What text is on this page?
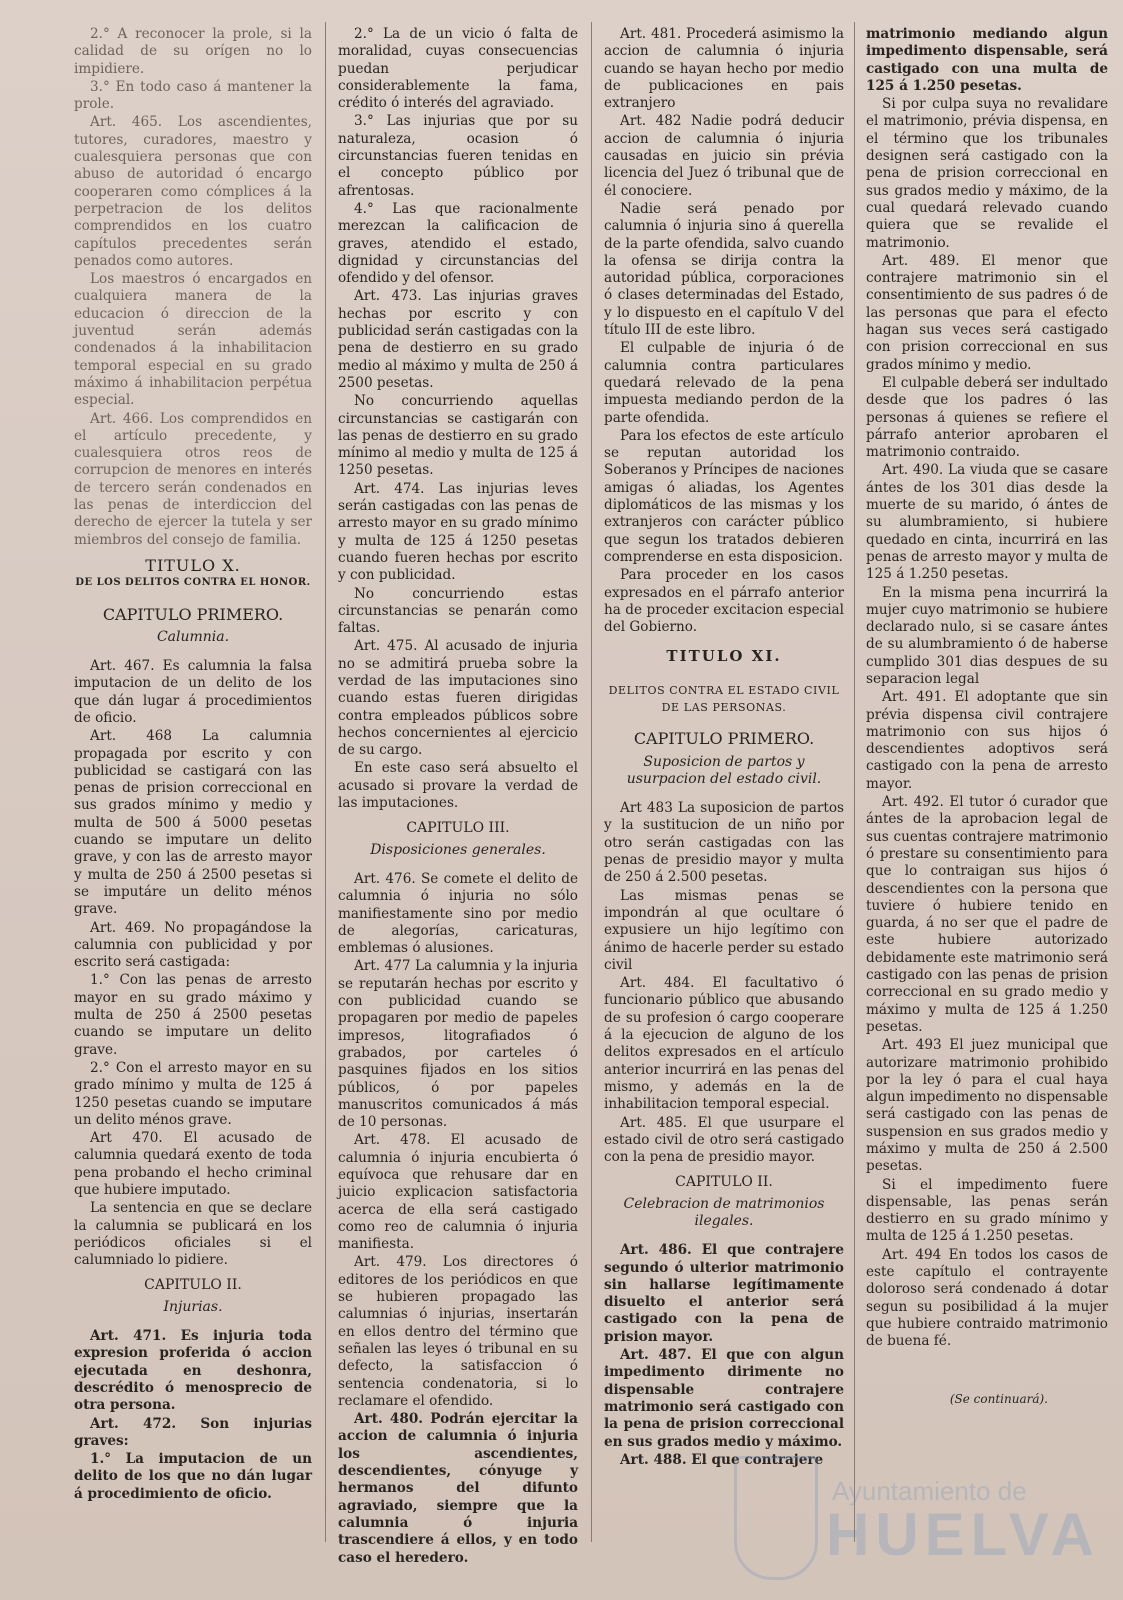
2.° A reconocer la prole, si la calidad de su orígen no lo impidiere.

3.° En todo caso á mantener la prole.

Art. 465. Los ascendientes, tutores, curadores, maestro y cualesquiera personas que con abuso de autoridad ó encargo cooperaren como cómplices á la perpetracion de los delitos comprendidos en los cuatro capítulos precedentes serán penados como autores.

Los maestros ó encargados en cualquiera manera de la educacion ó direccion de la juventud serán además condenados á la inhabilitacion temporal especial en su grado máximo á inhabilitacion perpétua especial.

Art. 466. Los comprendidos en el artículo precedente, y cualesquiera otros reos de corrupcion de menores en interés de tercero serán condenados en las penas de interdiccion del derecho de ejercer la tutela y ser miembros del consejo de familia.

TITULO X.
DE LOS DELITOS CONTRA EL HONOR.
CAPITULO PRIMERO.
Calumnia.

Art. 467. Es calumnia la falsa imputacion de un delito de los que dán lugar á procedimientos de oficio.

Art. 468 La calumnia propagada por escrito y con publicidad se castigará con las penas de prision correccional en sus grados mínimo y medio y multa de 500 á 5000 pesetas cuando se imputare un delito grave, y con las de arresto mayor y multa de 250 á 2500 pesetas si se imputáre un delito ménos grave.

Art. 469. No propagándose la calumnia con publicidad y por escrito será castigada:

1.° Con las penas de arresto mayor en su grado máximo y multa de 250 á 2500 pesetas cuando se imputare un delito grave.

2.° Con el arresto mayor en su grado mínimo y multa de 125 á 1250 pesetas cuando se imputare un delito ménos grave.

Art 470. El acusado de calumnia quedará exento de toda pena probando el hecho criminal que hubiere imputado.

La sentencia en que se declare la calumnia se publicará en los periódicos oficiales si el calumniado lo pidiere.

CAPITULO II.
Injurias.

Art. 471. Es injuria toda expresion proferida ó accion ejecutada en deshonra, descrédito ó menosprecio de otra persona.

Art. 472. Son injurias graves:

1.° La imputacion de un delito de los que no dán lugar á procedimiento de oficio.

2.° La de un vicio ó falta de moralidad, cuyas consecuencias puedan perjudicar considerablemente la fama, crédito ó interés del agraviado.

3.° Las injurias que por su naturaleza, ocasion ó circunstancias fueren tenidas en el concepto público por afrentosas.

4.° Las que racionalmente merezcan la calificacion de graves, atendido el estado, dignidad y circunstancias del ofendido y del ofensor.

Art. 473. Las injurias graves hechas por escrito y con publicidad serán castigadas con la pena de destierro en su grado medio al máximo y multa de 250 á 2500 pesetas.

No concurriendo aquellas circunstancias se castigarán con las penas de destierro en su grado mínimo al medio y multa de 125 á 1250 pesetas.

Art. 474. Las injurias leves serán castigadas con las penas de arresto mayor en su grado mínimo y multa de 125 á 1250 pesetas cuando fueren hechas por escrito y con publicidad.

No concurriendo estas circunstancias se penarán como faltas.

Art. 475. Al acusado de injuria no se admitirá prueba sobre la verdad de las imputaciones sino cuando estas fueren dirigidas contra empleados públicos sobre hechos concernientes al ejercicio de su cargo.

En este caso será absuelto el acusado si provare la verdad de las imputaciones.

CAPITULO III.
Disposiciones generales.

Art. 476. Se comete el delito de calumnia ó injuria no sólo manifiestamente sino por medio de alegorías, caricaturas, emblemas ó alusiones.

Art. 477 La calumnia y la injuria se reputarán hechas por escrito y con publicidad cuando se propagaren por medio de papeles impresos, litografiados ó grabados, por carteles ó pasquines fijados en los sitios públicos, ó por papeles manuscritos comunicados á más de 10 personas.

Art. 478. El acusado de calumnia ó injuria encubierta ó equívoca que rehusare dar en juicio explicacion satisfactoria acerca de ella será castigado como reo de calumnia ó injuria manifiesta.

Art. 479. Los directores ó editores de los periódicos en que se hubieren propagado las calumnias ó injurias, insertarán en ellos dentro del término que señalen las leyes ó tribunal en su defecto, la satisfaccion ó sentencia condenatoria, si lo reclamare el ofendido.

Art. 480. Podrán ejercitar la accion de calumnia ó injuria los ascendientes, descendientes, cónyuge y hermanos del difunto agraviado, siempre que la calumnia ó injuria trascendiere á ellos, y en todo caso el heredero.

Art. 481. Procederá asimismo la accion de calumnia ó injuria cuando se hayan hecho por medio de publicaciones en pais extranjero

Art. 482 Nadie podrá deducir accion de calumnia ó injuria causadas en juicio sin prévia licencia del Juez ó tribunal que de él conociere.

Nadie será penado por calumnia ó injuria sino á querella de la parte ofendida, salvo cuando la ofensa se dirija contra la autoridad pública, corporaciones ó clases determinadas del Estado, y lo dispuesto en el capítulo V del título III de este libro.

El culpable de injuria ó de calumnia contra particulares quedará relevado de la pena impuesta mediando perdon de la parte ofendida.

Para los efectos de este artículo se reputan autoridad los Soberanos y Príncipes de naciones amigas ó aliadas, los Agentes diplomáticos de las mismas y los extranjeros con carácter público que segun los tratados debieren comprenderse en esta disposicion.

Para proceder en los casos expresados en el párrafo anterior ha de proceder excitacion especial del Gobierno.

TITULO XI.
DELITOS CONTRA EL ESTADO CIVIL DE LAS PERSONAS.
CAPITULO PRIMERO.
Suposicion de partos y usurpacion del estado civil.

Art 483 La suposicion de partos y la sustitucion de un niño por otro serán castigadas con las penas de presidio mayor y multa de 250 á 2.500 pesetas.

Las mismas penas se impondrán al que ocultare ó expusiere un hijo legítimo con ánimo de hacerle perder su estado civil

Art. 484. El facultativo ó funcionario público que abusando de su profesion ó cargo cooperare á la ejecucion de alguno de los delitos expresados en el artículo anterior incurrirá en las penas del mismo, y además en la de inhabilitacion temporal especial.

Art. 485. El que usurpare el estado civil de otro será castigado con la pena de presidio mayor.

CAPITULO II.
Celebracion de matrimonios ilegales.

Art. 486. El que contrajere segundo ó ulterior matrimonio sin hallarse legítimamente disuelto el anterior será castigado con la pena de prision mayor.

Art. 487. El que con algun impedimento dirimente no dispensable contrajere matrimonio será castigado con la pena de prision correccional en sus grados medio y máximo.

Art. 488. El que contrajere

matrimonio mediando algun impedimento dispensable, será castigado con una multa de 125 á 1.250 pesetas.

Si por culpa suya no revalidare el matrimonio, prévia dispensa, en el término que los tribunales designen será castigado con la pena de prision correccional en sus grados medio y máximo, de la cual quedará relevado cuando quiera que se revalide el matrimonio.

Art. 489. El menor que contrajere matrimonio sin el consentimiento de sus padres ó de las personas que para el efecto hagan sus veces será castigado con prision correccional en sus grados mínimo y medio.

El culpable deberá ser indultado desde que los padres ó las personas á quienes se refiere el párrafo anterior aprobaren el matrimonio contraido.

Art. 490. La viuda que se casare ántes de los 301 dias desde la muerte de su marido, ó ántes de su alumbramiento, si hubiere quedado en cinta, incurrirá en las penas de arresto mayor y multa de 125 á 1.250 pesetas.

En la misma pena incurrirá la mujer cuyo matrimonio se hubiere declarado nulo, si se casare ántes de su alumbramiento ó de haberse cumplido 301 dias despues de su separacion legal

Art. 491. El adoptante que sin prévia dispensa civil contrajere matrimonio con sus hijos ó descendientes adoptivos será castigado con la pena de arresto mayor.

Art. 492. El tutor ó curador que ántes de la aprobacion legal de sus cuentas contrajere matrimonio ó prestare su consentimiento para que lo contraigan sus hijos ó descendientes con la persona que tuviere ó hubiere tenido en guarda, á no ser que el padre de este hubiere autorizado debidamente este matrimonio será castigado con las penas de prision correccional en su grado medio y máximo y multa de 125 á 1.250 pesetas.

Art. 493 El juez municipal que autorizare matrimonio prohibido por la ley ó para el cual haya algun impedimento no dispensable será castigado con las penas de suspension en sus grados medio y máximo y multa de 250 á 2.500 pesetas.

Si el impedimento fuere dispensable, las penas serán destierro en su grado mínimo y multa de 125 á 1.250 pesetas.

Art. 494 En todos los casos de este capítulo el contrayente doloroso será condenado á dotar segun su posibilidad á la mujer que hubiere contraido matrimonio de buena fé.

(Se continuará).
Ayuntamiento de
HUELVA
